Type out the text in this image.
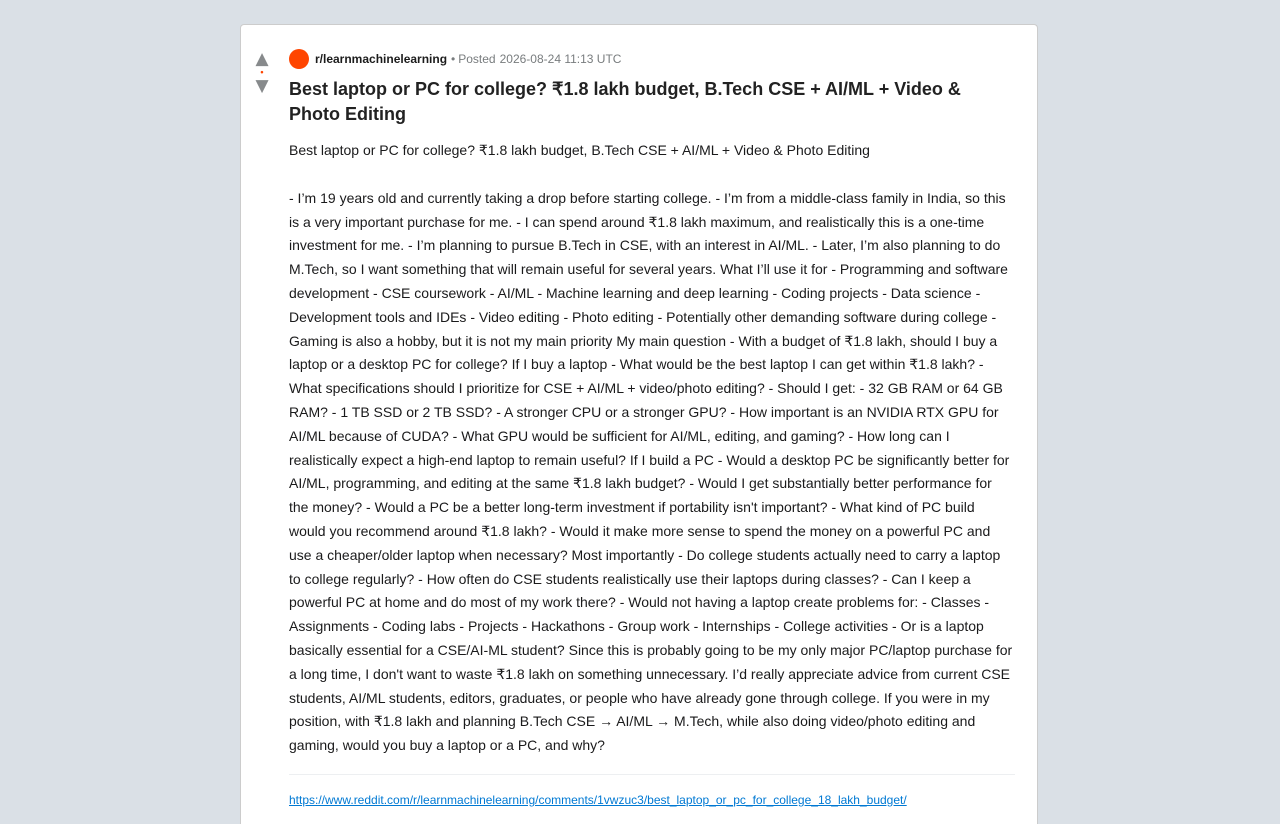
▲
•
▼
r/learnmachinelearning • Posted 2026-08-24 11:13 UTC
Best laptop or PC for college? ₹1.8 lakh budget, B.Tech CSE + AI/ML + Video & Photo Editing

Best laptop or PC for college? ₹1.8 lakh budget, B.Tech CSE + AI/ML + Video & Photo Editing

- I’m 19 years old and currently taking a drop before starting college. - I’m from a middle-class family in India, so this is a very important purchase for me. - I can spend around ₹1.8 lakh maximum, and realistically this is a one-time investment for me. - I’m planning to pursue B.Tech in CSE, with an interest in AI/ML. - Later, I’m also planning to do M.Tech, so I want something that will remain useful for several years. What I’ll use it for - Programming and software development - CSE coursework - AI/ML - Machine learning and deep learning - Coding projects - Data science - Development tools and IDEs - Video editing - Photo editing - Potentially other demanding software during college - Gaming is also a hobby, but it is not my main priority My main question - With a budget of ₹1.8 lakh, should I buy a laptop or a desktop PC for college? If I buy a laptop - What would be the best laptop I can get within ₹1.8 lakh? - What specifications should I prioritize for CSE + AI/ML + video/photo editing? - Should I get: - 32 GB RAM or 64 GB RAM? - 1 TB SSD or 2 TB SSD? - A stronger CPU or a stronger GPU? - How important is an NVIDIA RTX GPU for AI/ML because of CUDA? - What GPU would be sufficient for AI/ML, editing, and gaming? - How long can I realistically expect a high-end laptop to remain useful? If I build a PC - Would a desktop PC be significantly better for AI/ML, programming, and editing at the same ₹1.8 lakh budget? - Would I get substantially better performance for the money? - Would a PC be a better long-term investment if portability isn't important? - What kind of PC build would you recommend around ₹1.8 lakh? - Would it make more sense to spend the money on a powerful PC and use a cheaper/older laptop when necessary? Most importantly - Do college students actually need to carry a laptop to college regularly? - How often do CSE students realistically use their laptops during classes? - Can I keep a powerful PC at home and do most of my work there? - Would not having a laptop create problems for: - Classes - Assignments - Coding labs - Projects - Hackathons - Group work - Internships - College activities - Or is a laptop basically essential for a CSE/AI-ML student? Since this is probably going to be my only major PC/laptop purchase for a long time, I don't want to waste ₹1.8 lakh on something unnecessary. I’d really appreciate advice from current CSE students, AI/ML students, editors, graduates, or people who have already gone through college. If you were in my position, with ₹1.8 lakh and planning B.Tech CSE → AI/ML → M.Tech, while also doing video/photo editing and gaming, would you buy a laptop or a PC, and why?

https://www.reddit.com/r/learnmachinelearning/comments/1vwzuc3/best_laptop_or_pc_for_college_18_lakh_budget/
